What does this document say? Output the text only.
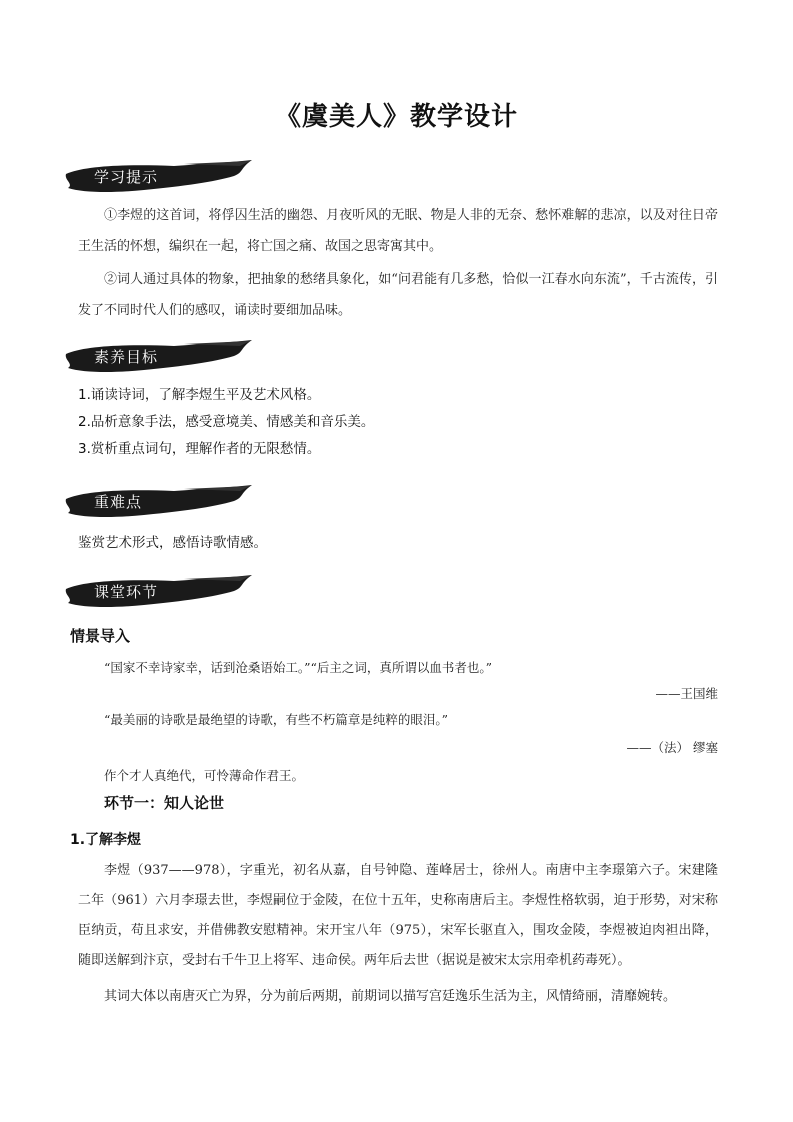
《虞美人》教学设计
学习提示
①李煜的这首词，将俘囚生活的幽怨、月夜听风的无眠、物是人非的无奈、愁怀难解的悲凉，以及对往日帝王生活的怀想，编织在一起，将亡国之痛、故国之思寄寓其中。
②词人通过具体的物象，把抽象的愁绪具象化，如“问君能有几多愁，恰似一江春水向东流”，千古流传，引发了不同时代人们的感叹，诵读时要细加品味。
素养目标
1.诵读诗词，了解李煜生平及艺术风格。
2.品析意象手法，感受意境美、情感美和音乐美。
3.赏析重点词句，理解作者的无限愁情。
重难点
鉴赏艺术形式，感悟诗歌情感。
课堂环节
情景导入
“国家不幸诗家幸，话到沧桑语始工。”“后主之词，真所谓以血书者也。”
——王国维
“最美丽的诗歌是最绝望的诗歌，有些不朽篇章是纯粹的眼泪。”
——（法） 缪塞
作个才人真绝代，可怜薄命作君王。
环节一：知人论世
1.了解李煜
李煜（937——978），字重光，初名从嘉，自号钟隐、莲峰居士，徐州人。南唐中主李璟第六子。宋建隆二年（961）六月李璟去世，李煜嗣位于金陵，在位十五年，史称南唐后主。李煜性格软弱，迫于形势，对宋称臣纳贡，苟且求安，并借佛教安慰精神。宋开宝八年（975），宋军长驱直入，围攻金陵，李煜被迫肉袒出降，随即送解到汴京，受封右千牛卫上将军、违命侯。两年后去世（据说是被宋太宗用牵机药毒死）。
其词大体以南唐灭亡为界，分为前后两期，前期词以描写宫廷逸乐生活为主，风情绮丽，清靡婉转。
